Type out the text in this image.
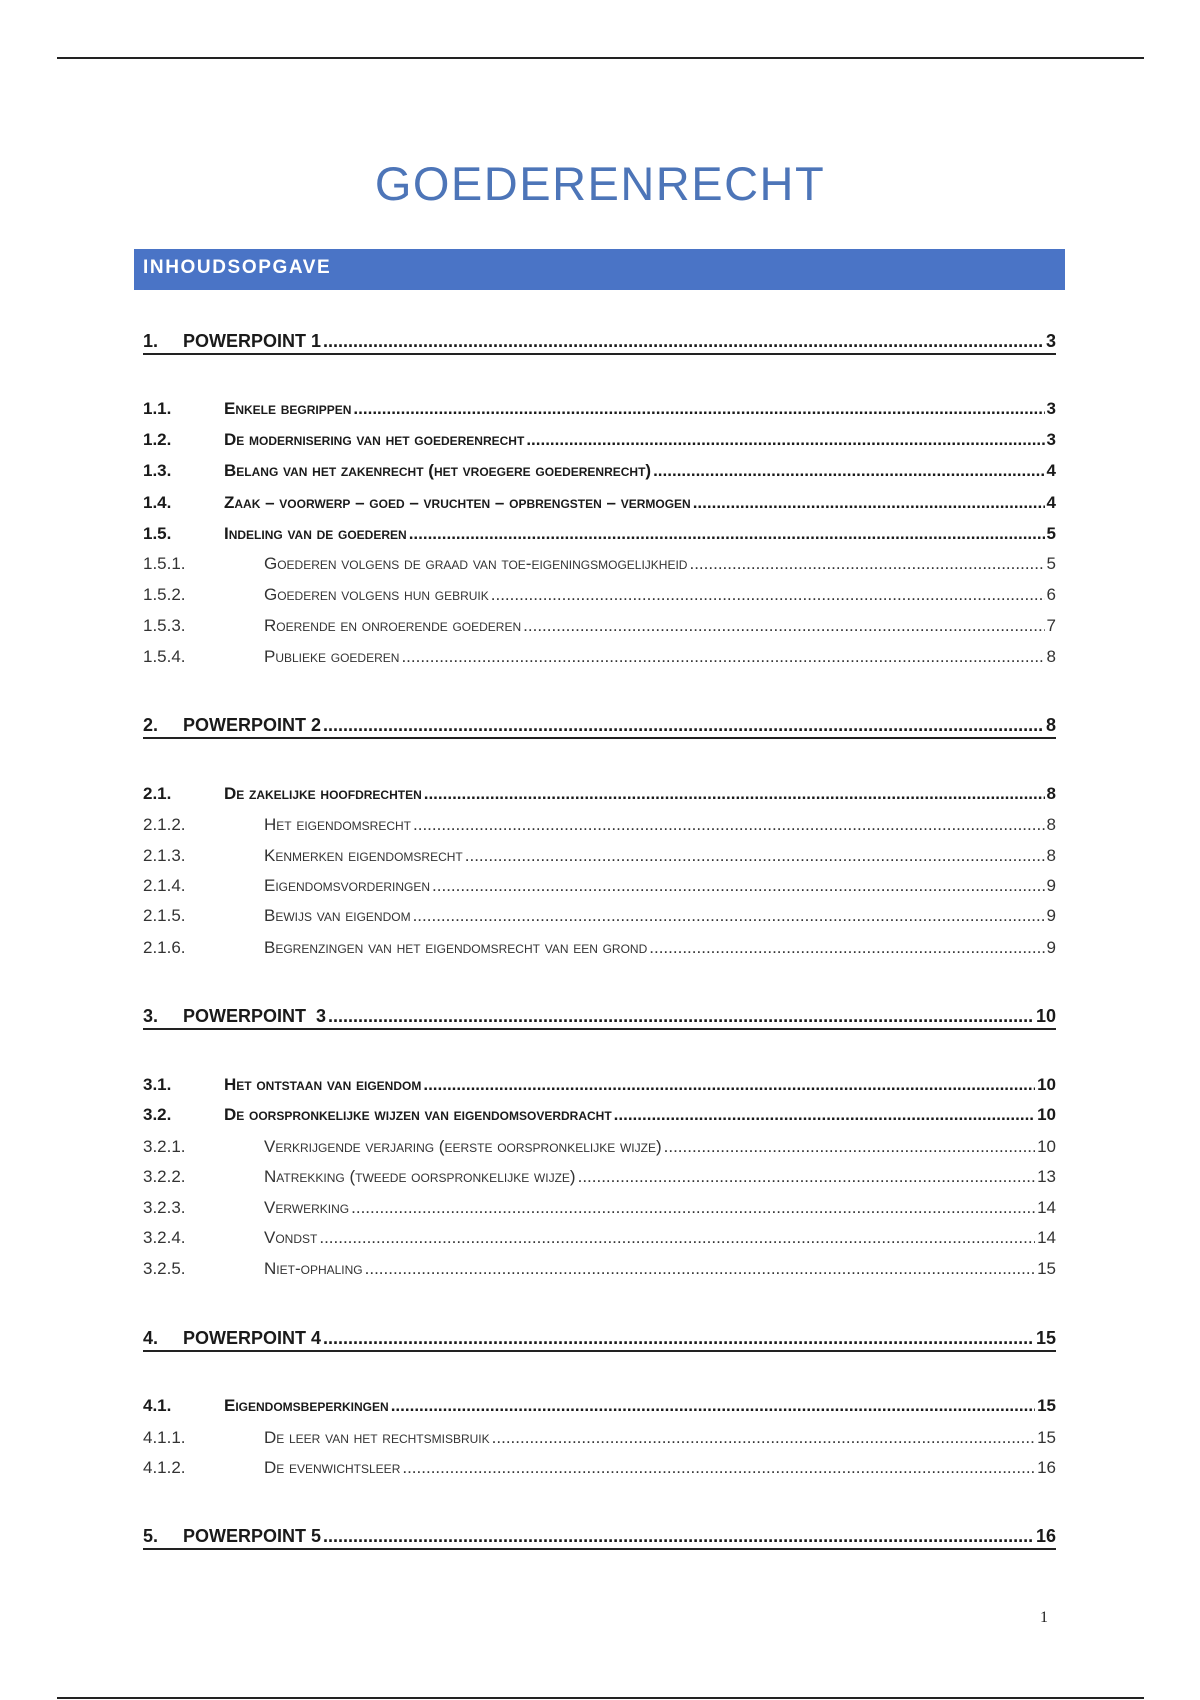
GOEDERENRECHT
INHOUDSOPGAVE
1.	POWERPOINT 1 .....	3
1.1.	Enkele begrippen .....	3
1.2.	De modernisering van het goederenrecht .....	3
1.3.	Belang van het zakenrecht (het vroegere goederenrecht) .....	4
1.4.	Zaak – voorwerp – goed – vruchten – opbrengsten – vermogen .....	4
1.5.	Indeling van de goederen .....	5
1.5.1.	Goederen volgens de graad van toe-eigeningsmogelijkheid .....	5
1.5.2.	Goederen volgens hun gebruik .....	6
1.5.3.	Roerende en onroerende goederen .....	7
1.5.4.	Publieke goederen .....	8
2.	POWERPOINT 2 .....	8
2.1.	De zakelijke hoofdrechten .....	8
2.1.2.	Het eigendomsrecht .....	8
2.1.3.	Kenmerken eigendomsrecht .....	8
2.1.4.	Eigendomsvorderingen .....	9
2.1.5.	Bewijs van eigendom .....	9
2.1.6.	Begrenzingen van het eigendomsrecht van een grond .....	9
3.	POWERPOINT  3 .....	10
3.1.	Het ontstaan van eigendom .....	10
3.2.	De oorspronkelijke wijzen van eigendomsoverdracht .....	10
3.2.1.	Verkrijgende verjaring (eerste oorspronkelijke wijze) .....	10
3.2.2.	Natrekking (tweede oorspronkelijke wijze) .....	13
3.2.3.	Verwerking .....	14
3.2.4.	Vondst .....	14
3.2.5.	Niet-ophaling .....	15
4.	POWERPOINT 4 .....	15
4.1.	Eigendomsbeperkingen .....	15
4.1.1.	De leer van het rechtsmisbruik .....	15
4.1.2.	De evenwichtsleer .....	16
5.	POWERPOINT 5 .....	16
1
